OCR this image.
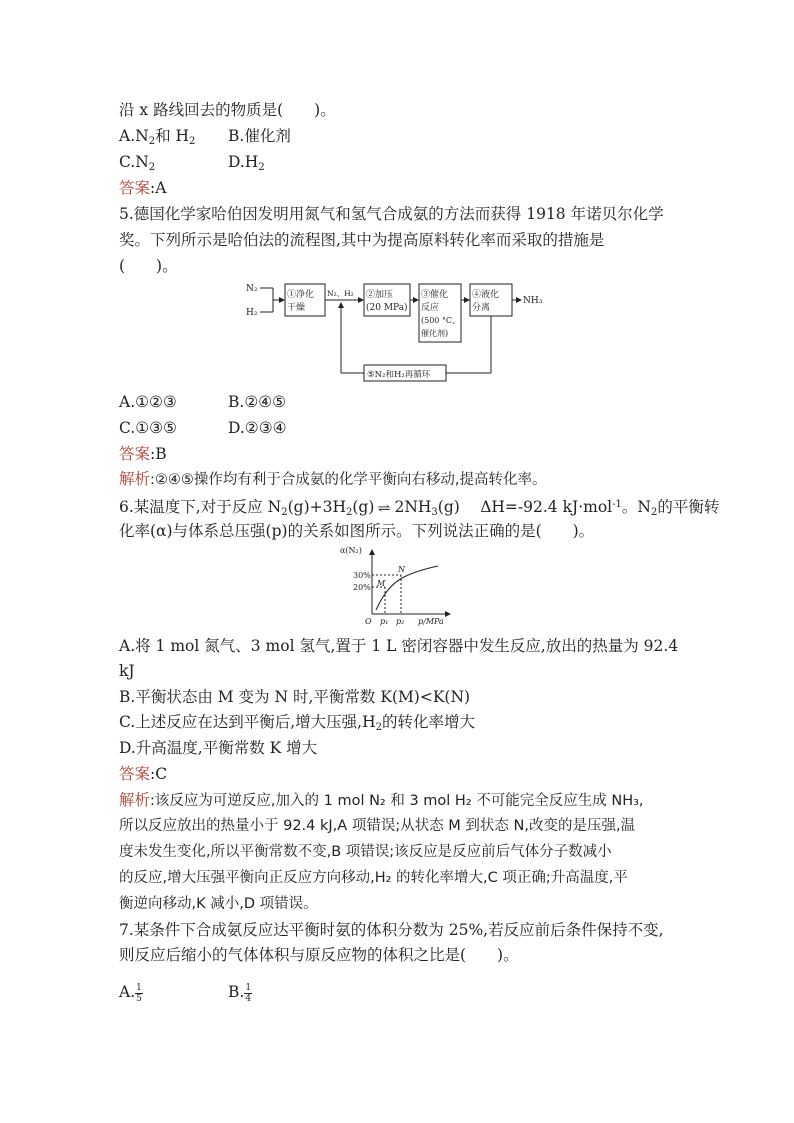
沿 x 路线回去的物质是(　　)。
$A.N_2$和 $H_2$ B.催化剂
$C.N_2$	$D.H_2$
答案:A
5.德国化学家哈伯因发明用氮气和氢气合成氨的方法而获得 1918 年诺贝尔化学
奖。下列所示是哈伯法的流程图,其中为提高原料转化率而采取的措施是
(　　)。
N₂
H₂
①净化
干燥
N₂、H₂ ②加压
(20 MPa)
③催化
反应
(500 °C、
催化剂)
④液化
分离
NH₃
⑤N₂和H₂再循环
A.①②③	B.②④⑤
C.①③⑤	D.②③④
答案:B
解析:②④⑤操作均有利于合成氨的化学平衡向右移动,提高转化率。
6.某温度下,对于反应 $N_2(g)+3H_2(g)$ ⇌ $2NH_3(g)$　 ΔH=-92.4 kJ·mol$^{-1}$。$N_2$的平衡转
化率(α)与体系总压强(p)的关系如图所示。下列说法正确的是(　　)。
α(N₂)
30%
20%
O
M
N
p₁ p₂ p/MPa
A.将 1 mol 氮气、3 mol 氢气,置于 1 L 密闭容器中发生反应,放出的热量为 92.4
kJ
B.平衡状态由 M 变为 N 时,平衡常数 K(M)<K(N)
C.上述反应在达到平衡后,增大压强$,H_2$的转化率增大
D.升高温度,平衡常数 K 增大
答案:C
解析:该反应为可逆反应,加入的 1 mol N₂ 和 3 mol H₂ 不可能完全反应生成 NH₃,
所以反应放出的热量小于 92.4 kJ,A 项错误;从状态 M 到状态 N,改变的是压强,温
度未发生变化,所以平衡常数不变,B 项错误;该反应是反应前后气体分子数减小
的反应,增大压强平衡向正反应方向移动,H₂ 的转化率增大,C 项正确;升高温度,平
衡逆向移动,K 减小,D 项错误。
7.某条件下合成氨反应达平衡时氨的体积分数为 25%,若反应前后条件保持不变,
则反应后缩小的气体体积与原反应物的体积之比是(　　)。
A. $\frac{1}{5}$	B. $\frac{1}{4}$
